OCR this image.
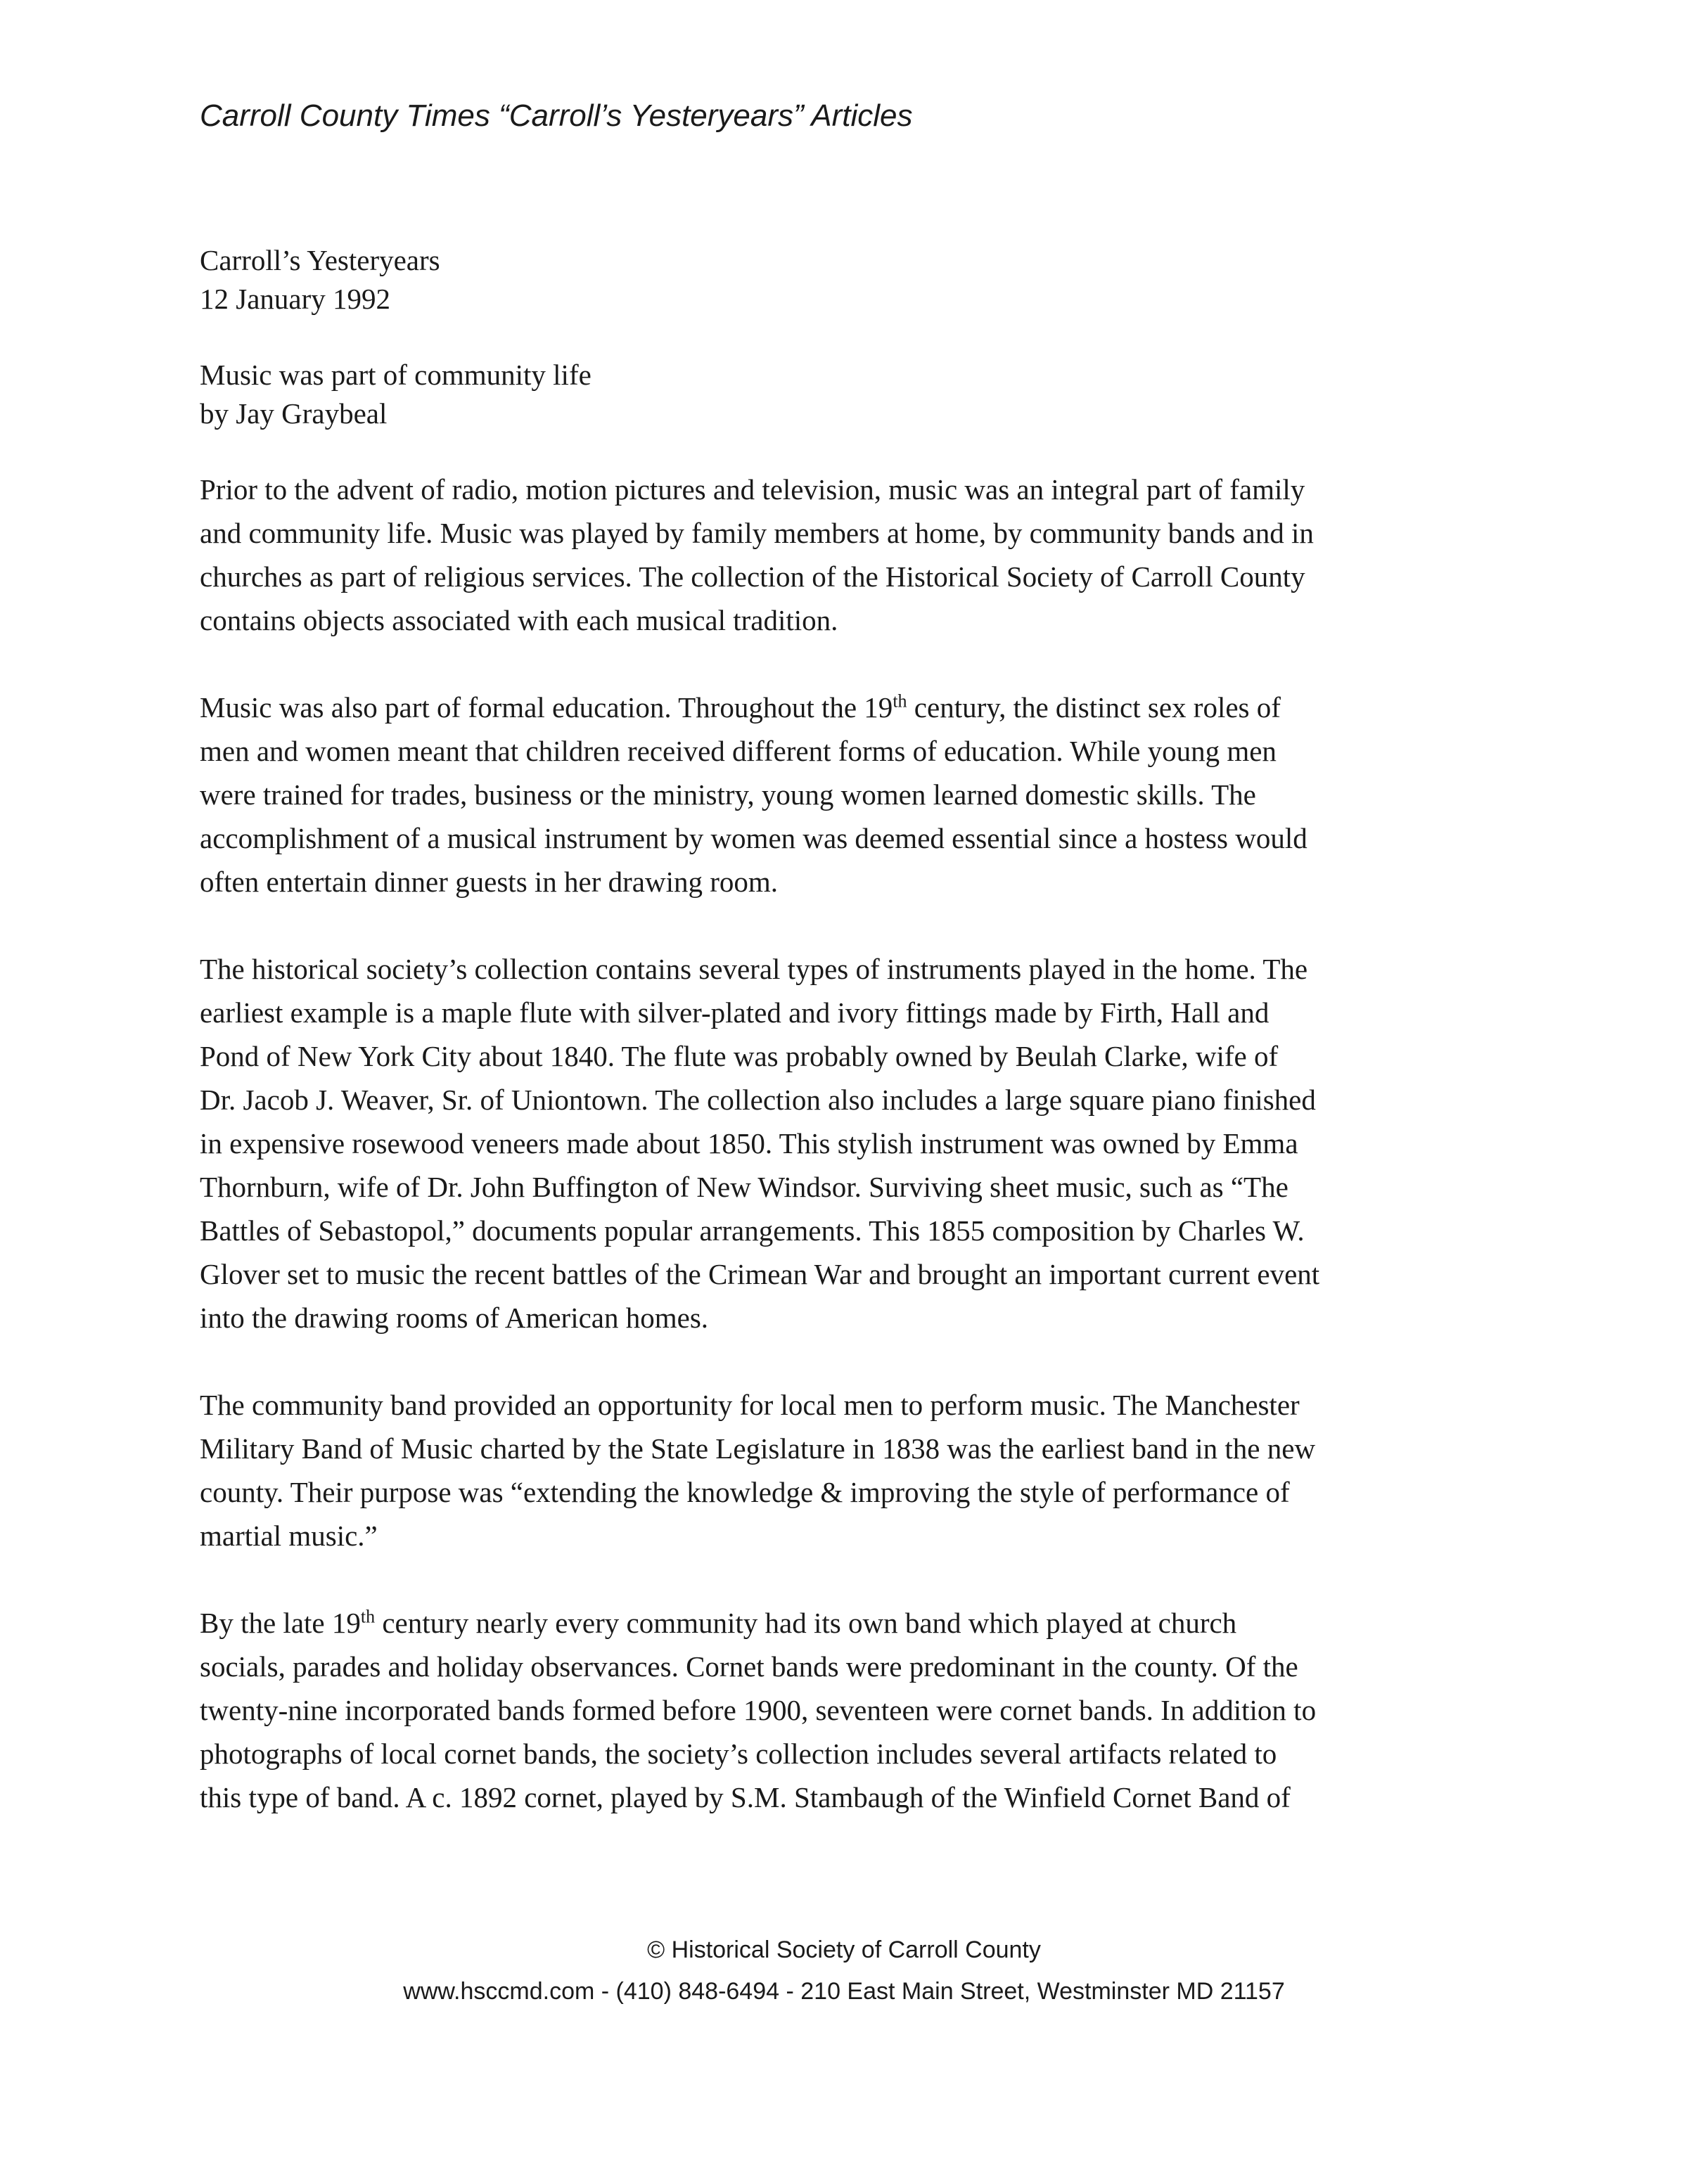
Carroll County Times “Carroll’s Yesteryears” Articles
Carroll’s Yesteryears
12 January 1992
Music was part of community life
by Jay Graybeal

Prior to the advent of radio, motion pictures and television, music was an integral part of family
and community life. Music was played by family members at home, by community bands and in
churches as part of religious services. The collection of the Historical Society of Carroll County
contains objects associated with each musical tradition.

Music was also part of formal education. Throughout the 19th century, the distinct sex roles of
men and women meant that children received different forms of education. While young men
were trained for trades, business or the ministry, young women learned domestic skills. The
accomplishment of a musical instrument by women was deemed essential since a hostess would
often entertain dinner guests in her drawing room.

The historical society’s collection contains several types of instruments played in the home. The
earliest example is a maple flute with silver-plated and ivory fittings made by Firth, Hall and
Pond of New York City about 1840. The flute was probably owned by Beulah Clarke, wife of
Dr. Jacob J. Weaver, Sr. of Uniontown. The collection also includes a large square piano finished
in expensive rosewood veneers made about 1850. This stylish instrument was owned by Emma
Thornburn, wife of Dr. John Buffington of New Windsor. Surviving sheet music, such as “The
Battles of Sebastopol,” documents popular arrangements. This 1855 composition by Charles W.
Glover set to music the recent battles of the Crimean War and brought an important current event
into the drawing rooms of American homes.

The community band provided an opportunity for local men to perform music. The Manchester
Military Band of Music charted by the State Legislature in 1838 was the earliest band in the new
county. Their purpose was “extending the knowledge & improving the style of performance of
martial music.”

By the late 19th century nearly every community had its own band which played at church
socials, parades and holiday observances. Cornet bands were predominant in the county. Of the
twenty-nine incorporated bands formed before 1900, seventeen were cornet bands. In addition to
photographs of local cornet bands, the society’s collection includes several artifacts related to
this type of band. A c. 1892 cornet, played by S.M. Stambaugh of the Winfield Cornet Band of

© Historical Society of Carroll County
www.hsccmd.com - (410) 848-6494 - 210 East Main Street, Westminster MD 21157
